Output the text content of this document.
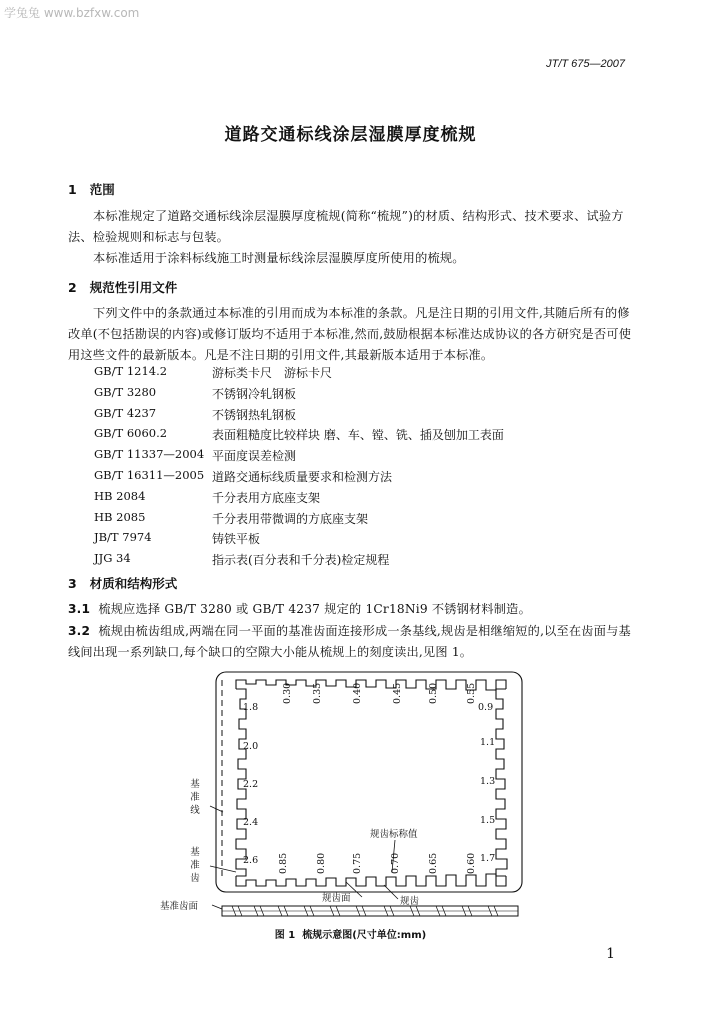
学兔兔 www.bzfxw.com
JT/T 675—2007
道路交通标线涂层湿膜厚度梳规
1 范围
本标准规定了道路交通标线涂层湿膜厚度梳规(简称“梳规”)的材质、结构形式、技术要求、试验方法、检验规则和标志与包装。
本标准适用于涂料标线施工时测量标线涂层湿膜厚度所使用的梳规。
2 规范性引用文件
下列文件中的条款通过本标准的引用而成为本标准的条款。凡是注日期的引用文件,其随后所有的修改单(不包括勘误的内容)或修订版均不适用于本标准,然而,鼓励根据本标准达成协议的各方研究是否可使用这些文件的最新版本。凡是不注日期的引用文件,其最新版本适用于本标准。
GB/T 1214.2	游标类卡尺　游标卡尺
GB/T 3280	不锈钢冷轧钢板
GB/T 4237	不锈钢热轧钢板
GB/T 6060.2	表面粗糙度比较样块 磨、车、镗、铣、插及刨加工表面
GB/T 11337—2004 平面度误差检测
GB/T 16311—2005 道路交通标线质量要求和检测方法
HB 2084	千分表用方底座支架
HB 2085	千分表用带微调的方底座支架
JB/T 7974	铸铁平板
JJG 34	指示表(百分表和千分表)检定规程
3 材质和结构形式
3.1 梳规应选择 GB/T 3280 或 GB/T 4237 规定的 1Cr18Ni9 不锈钢材料制造。
3.2 梳规由梳齿组成,两端在同一平面的基准齿面连接形成一条基线,规齿是相继缩短的,以至在齿面与基线间出现一系列缺口,每个缺口的空隙大小能从梳规上的刻度读出,见图 1。
0.30 0.35	0.40	0.45	0.50	0.55
0.85	0.80	0.75	0.70	0.65	0.60
1.8
2.0
2.2
2.4
2.6
0.9
1.1
1.3
1.5
1.7
基准线
基准齿
基准齿面
规齿标称值
规齿面	规齿
图 1 梳规示意图(尺寸单位:mm)
1
